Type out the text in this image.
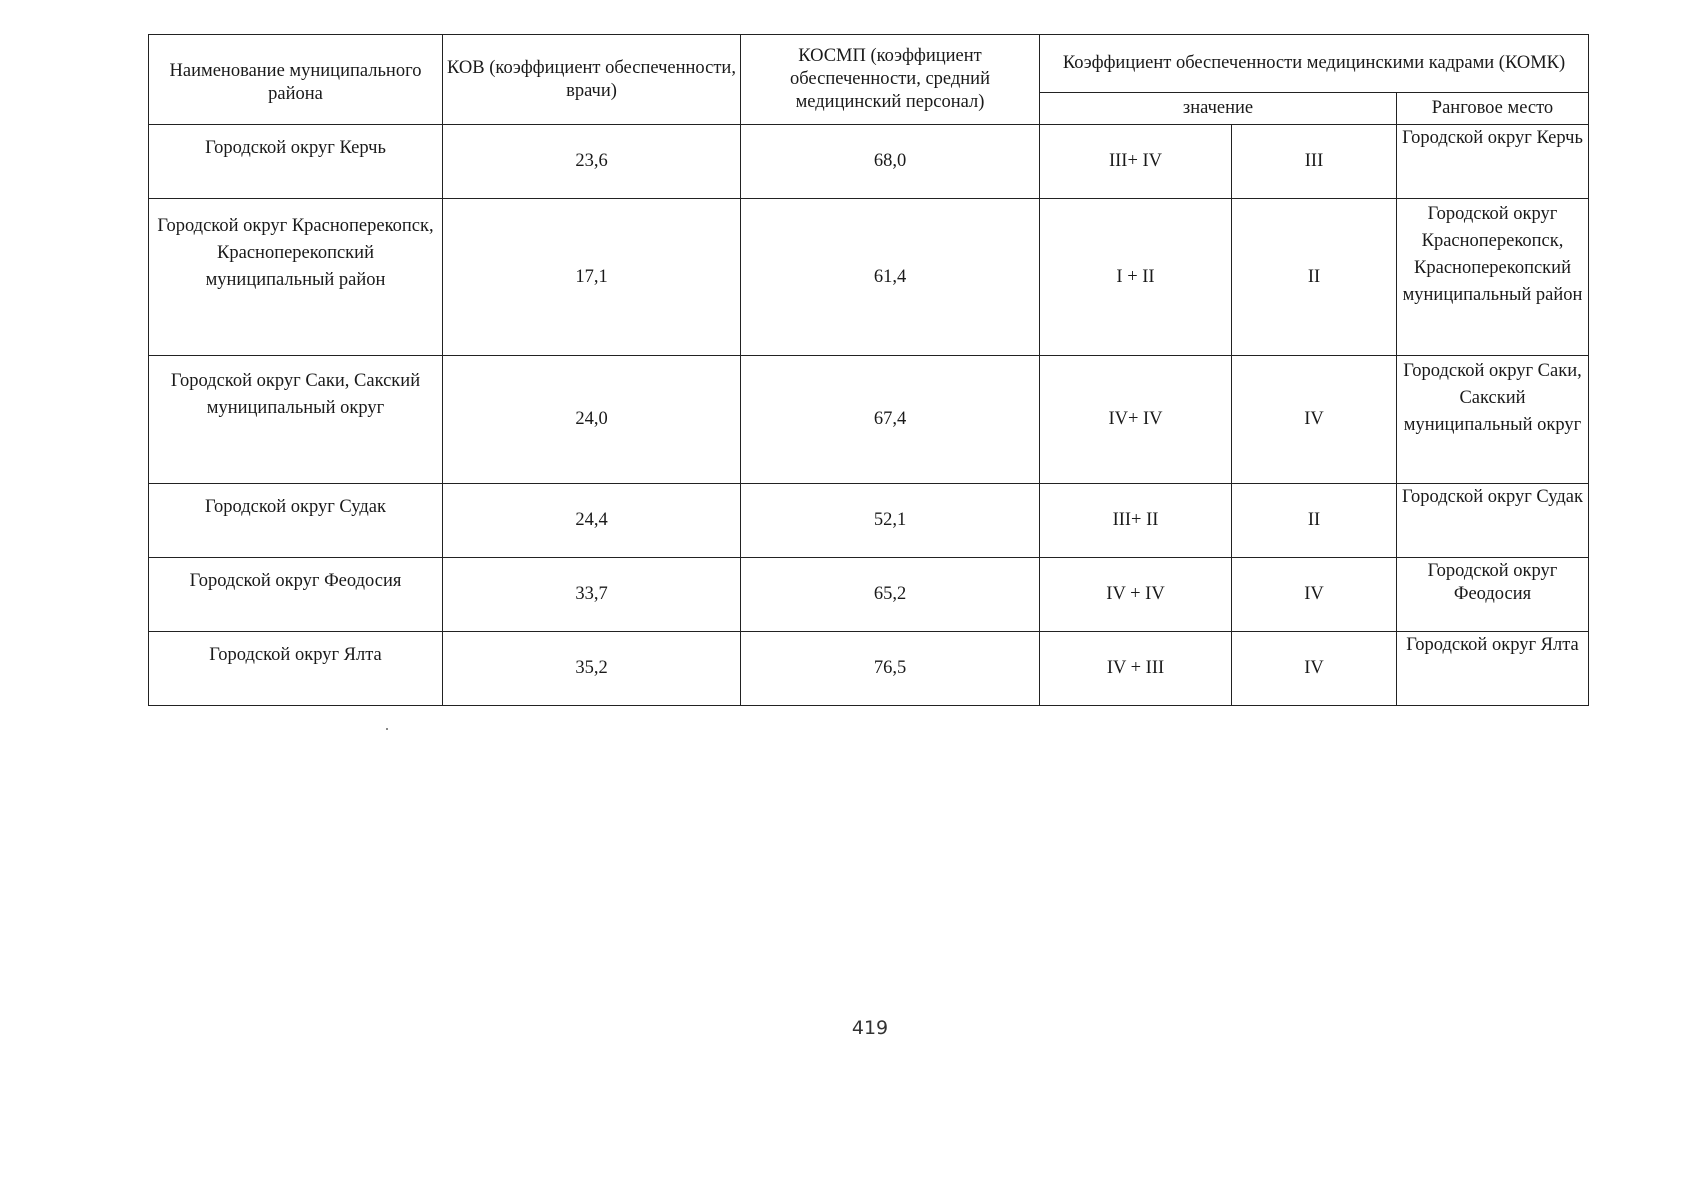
Наименование муниципального района	КОВ (коэффициент обеспеченности, врачи)	КОСМП (коэффициент обеспеченности, средний медицинский персонал)	Коэффициент обеспеченности медицинскими кадрами (КОМК)		
			значение		Ранговое место
Городской округ Керчь	23,6	68,0	III+ IV	III	Городской округ Керчь
Городской округ Красноперекопск, Красноперекопский муниципальный район	17,1	61,4	I + II	II	Городской округ Красноперекопск, Красноперекопский муниципальный район
Городской округ Саки, Сакский муниципальный округ	24,0	67,4	IV+ IV	IV	Городской округ Саки, Сакский муниципальный округ
Городской округ Судак	24,4	52,1	III+ II	II	Городской округ Судак
Городской округ Феодосия	33,7	65,2	IV + IV	IV	Городской округ Феодосия
Городской округ Ялта	35,2	76,5	IV + III	IV	Городской округ Ялта
419
